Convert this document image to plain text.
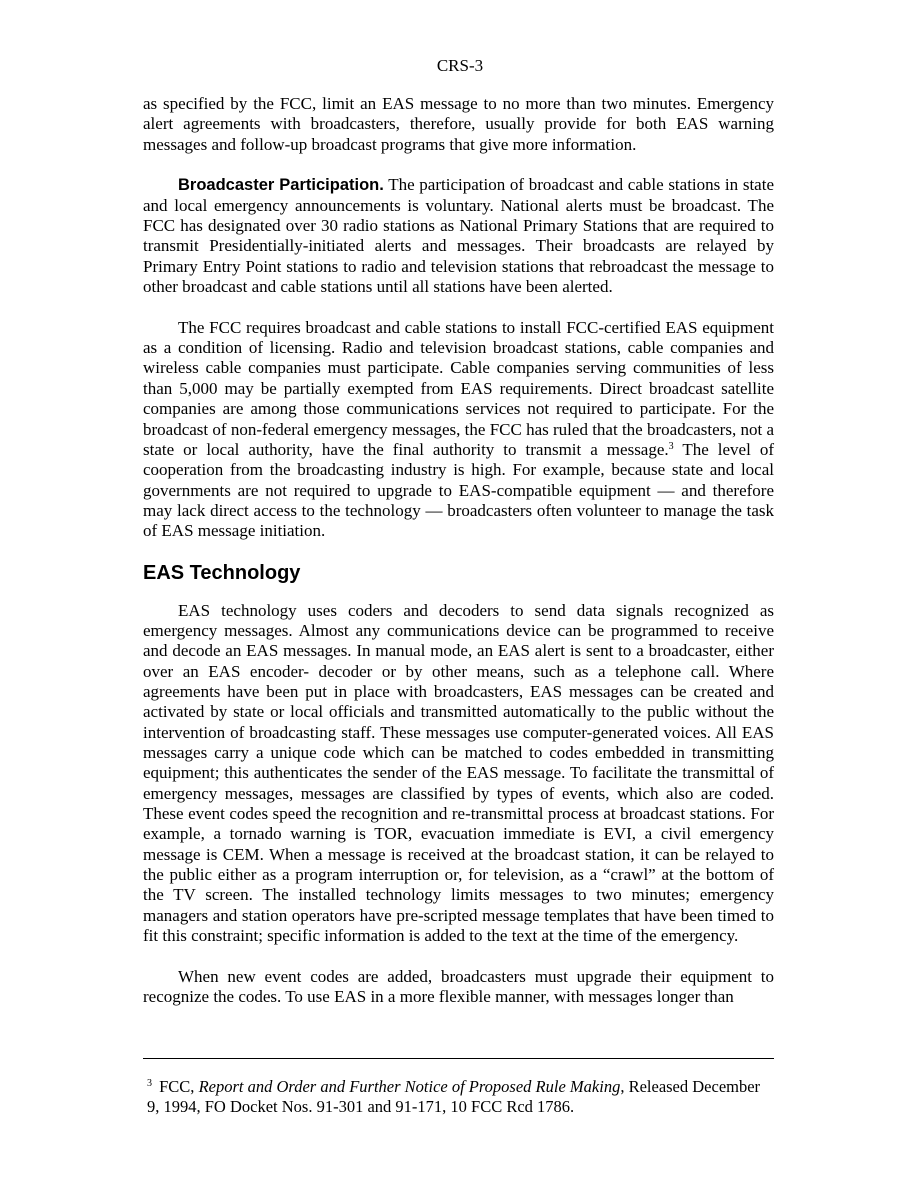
CRS-3

as specified by the FCC, limit an EAS message to no more than two minutes. Emergency alert agreements with broadcasters, therefore, usually provide for both EAS warning messages and follow-up broadcast programs that give more information.

Broadcaster Participation. The participation of broadcast and cable stations in state and local emergency announcements is voluntary. National alerts must be broadcast. The FCC has designated over 30 radio stations as National Primary Stations that are required to transmit Presidentially-initiated alerts and messages. Their broadcasts are relayed by Primary Entry Point stations to radio and television stations that rebroadcast the message to other broadcast and cable stations until all stations have been alerted.

The FCC requires broadcast and cable stations to install FCC-certified EAS equipment as a condition of licensing. Radio and television broadcast stations, cable companies and wireless cable companies must participate. Cable companies serving communities of less than 5,000 may be partially exempted from EAS requirements. Direct broadcast satellite companies are among those communications services not required to participate. For the broadcast of non-federal emergency messages, the FCC has ruled that the broadcasters, not a state or local authority, have the final authority to transmit a message.$^3$ The level of cooperation from the broadcasting industry is high. For example, because state and local governments are not required to upgrade to EAS-compatible equipment — and therefore may lack direct access to the technology — broadcasters often volunteer to manage the task of EAS message initiation.

EAS Technology

EAS technology uses coders and decoders to send data signals recognized as emergency messages. Almost any communications device can be programmed to receive and decode an EAS messages. In manual mode, an EAS alert is sent to a broadcaster, either over an EAS encoder- decoder or by other means, such as a telephone call. Where agreements have been put in place with broadcasters, EAS messages can be created and activated by state or local officials and transmitted automatically to the public without the intervention of broadcasting staff. These messages use computer-generated voices. All EAS messages carry a unique code which can be matched to codes embedded in transmitting equipment; this authenticates the sender of the EAS message. To facilitate the transmittal of emergency messages, messages are classified by types of events, which also are coded. These event codes speed the recognition and re-transmittal process at broadcast stations. For example, a tornado warning is TOR, evacuation immediate is EVI, a civil emergency message is CEM. When a message is received at the broadcast station, it can be relayed to the public either as a program interruption or, for television, as a “crawl” at the bottom of the TV screen. The installed technology limits messages to two minutes; emergency managers and station operators have pre-scripted message templates that have been timed to fit this constraint; specific information is added to the text at the time of the emergency.

When new event codes are added, broadcasters must upgrade their equipment to recognize the codes. To use EAS in a more flexible manner, with messages longer than

$^3$ FCC, Report and Order and Further Notice of Proposed Rule Making, Released December 9, 1994, FO Docket Nos. 91-301 and 91-171, 10 FCC Rcd 1786.
